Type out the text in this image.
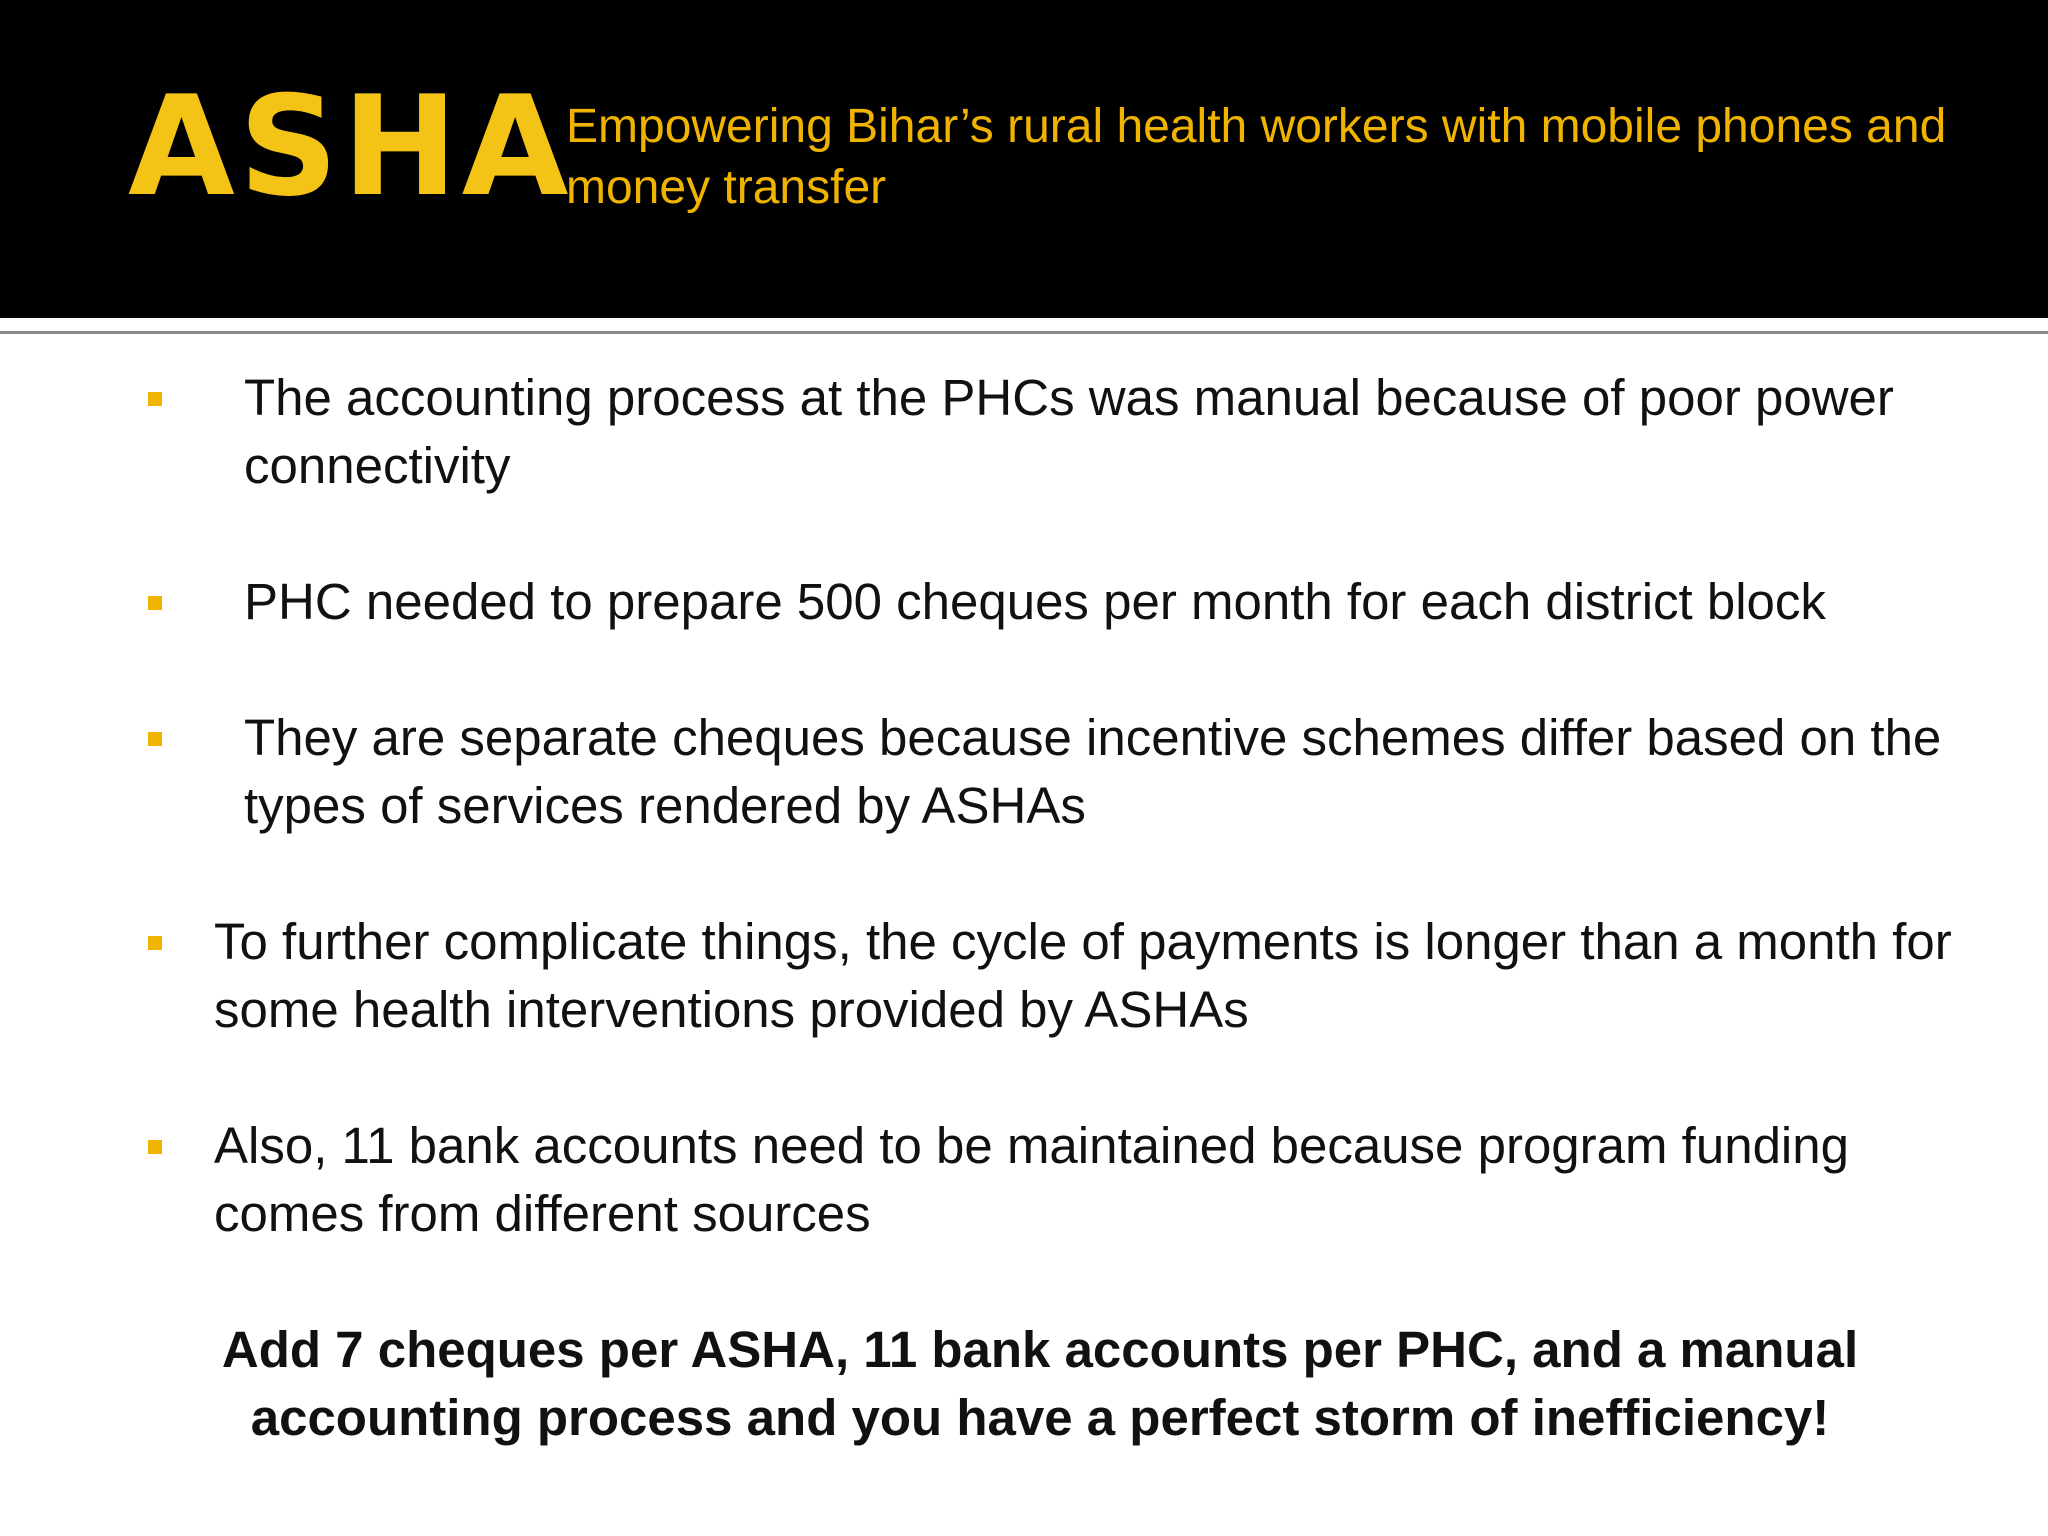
ASHA
Empowering Bihar’s rural health workers with mobile phones and money transfer
The accounting process at the PHCs was manual because of poor power connectivity
PHC needed to prepare 500 cheques per month for each district block
They are separate cheques because incentive schemes differ based on the types of services rendered by ASHAs
To further complicate things, the cycle of payments is longer than a month for some health interventions provided by ASHAs
Also, 11 bank accounts need to be maintained because program funding comes from different sources
Add 7 cheques per ASHA, 11 bank accounts per PHC, and a manual accounting process and you have a perfect storm of inefficiency!
